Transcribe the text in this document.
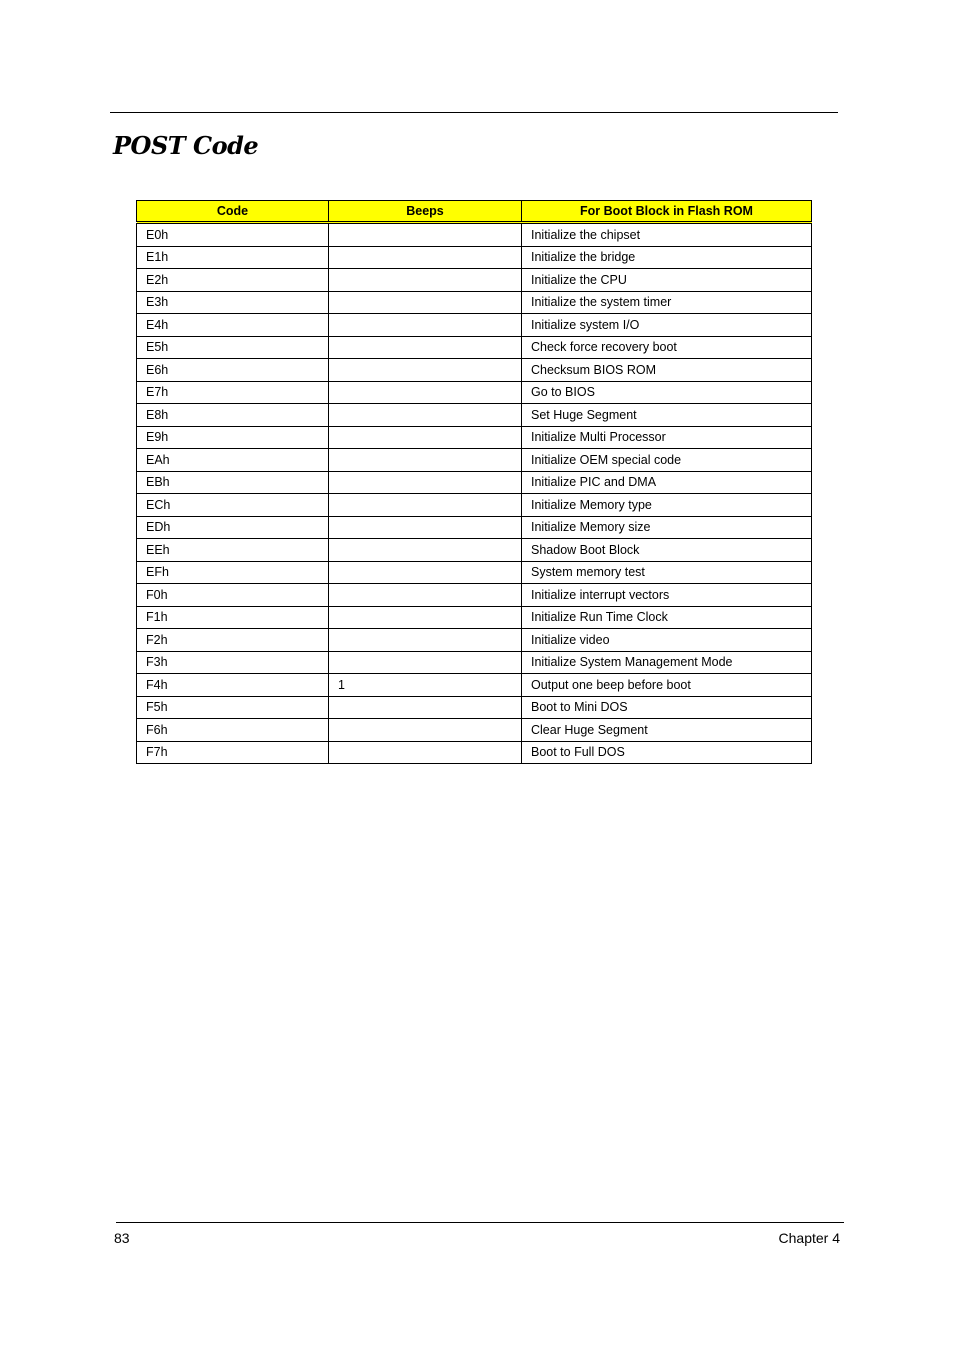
POST Code
Code	Beeps	For Boot Block in Flash ROM
E0h		Initialize the chipset
E1h		Initialize the bridge
E2h		Initialize the CPU
E3h		Initialize the system timer
E4h		Initialize system I/O
E5h		Check force recovery boot
E6h		Checksum BIOS ROM
E7h		Go to BIOS
E8h		Set Huge Segment
E9h		Initialize Multi Processor
EAh		Initialize OEM special code
EBh		Initialize PIC and DMA
ECh		Initialize Memory type
EDh		Initialize Memory size
EEh		Shadow Boot Block
EFh		System memory test
F0h		Initialize interrupt vectors
F1h		Initialize Run Time Clock
F2h		Initialize video
F3h		Initialize System Management Mode
F4h	1	Output one beep before boot
F5h		Boot to Mini DOS
F6h		Clear Huge Segment
F7h		Boot to Full DOS
83	Chapter 4
